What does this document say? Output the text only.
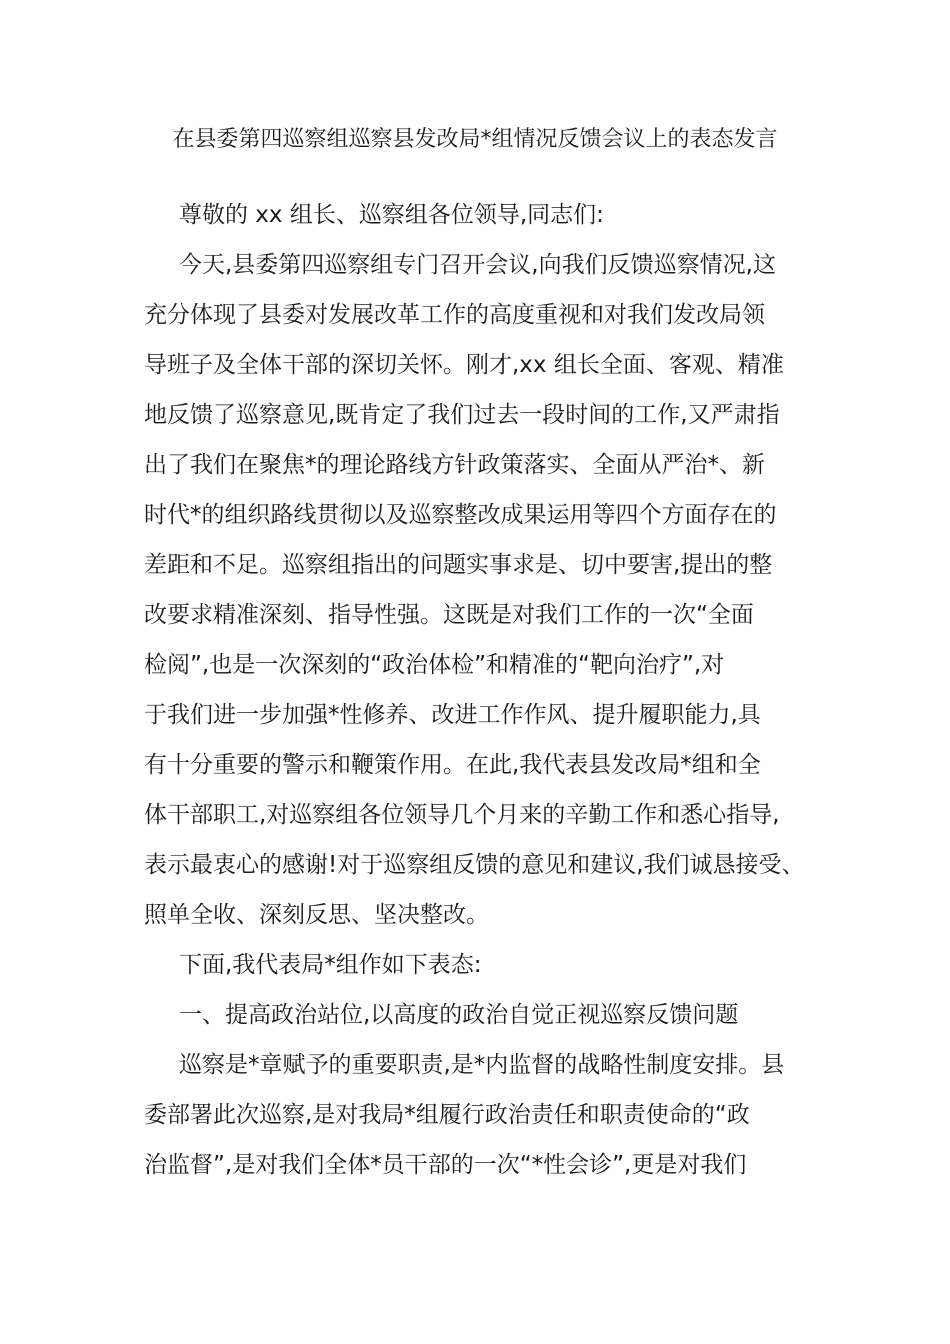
在县委第四巡察组巡察县发改局*组情况反馈会议上的表态发言
尊敬的 xx 组长、巡察组各位领导,同志们:
今天,县委第四巡察组专门召开会议,向我们反馈巡察情况,这
充分体现了县委对发展改革工作的高度重视和对我们发改局领
导班子及全体干部的深切关怀。刚才,xx 组长全面、客观、精准
地反馈了巡察意见,既肯定了我们过去一段时间的工作,又严肃指
出了我们在聚焦*的理论路线方针政策落实、全面从严治*、新
时代*的组织路线贯彻以及巡察整改成果运用等四个方面存在的
差距和不足。巡察组指出的问题实事求是、切中要害,提出的整
改要求精准深刻、指导性强。这既是对我们工作的一次“全面
检阅”,也是一次深刻的“政治体检”和精准的“靶向治疗”,对
于我们进一步加强*性修养、改进工作作风、提升履职能力,具
有十分重要的警示和鞭策作用。在此,我代表县发改局*组和全
体干部职工,对巡察组各位领导几个月来的辛勤工作和悉心指导,
表示最衷心的感谢!对于巡察组反馈的意见和建议,我们诚恳接受、
照单全收、深刻反思、坚决整改。
下面,我代表局*组作如下表态:
一、提高政治站位,以高度的政治自觉正视巡察反馈问题
巡察是*章赋予的重要职责,是*内监督的战略性制度安排。县
委部署此次巡察,是对我局*组履行政治责任和职责使命的“政
治监督”,是对我们全体*员干部的一次“*性会诊”,更是对我们
